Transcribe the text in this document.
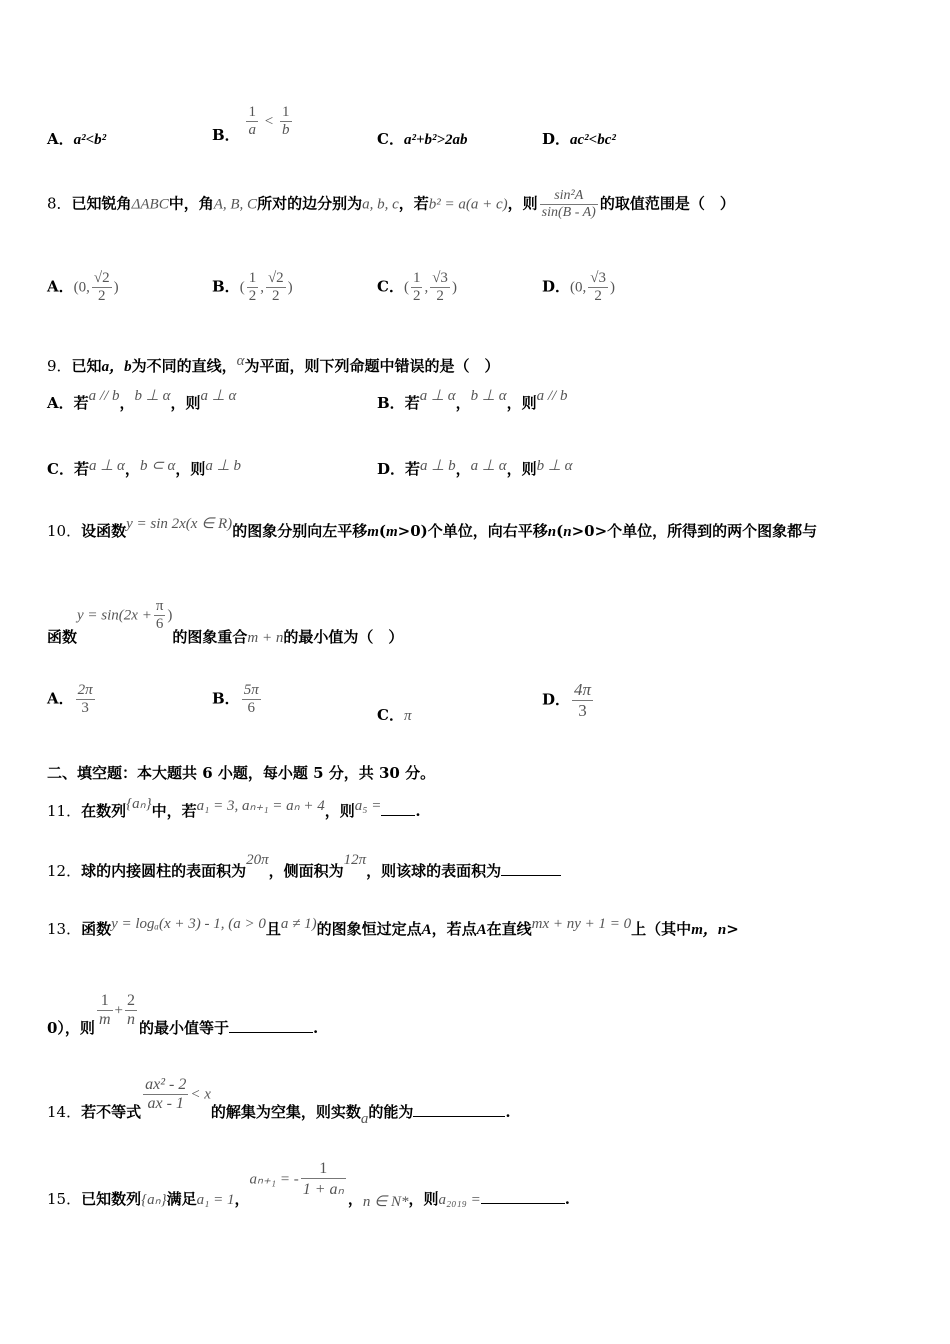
A．a²<b²	B． $\frac{1}{a} < \frac{1}{b}$	C．a²+b²>2ab	D．ac²<bc²
8．已知锐角ΔABC中，角A, B, C所对的边分别为a, b, c，若b² = a(a + c)，则 $\frac{\text{sin²A}}{\sin(B - A)}$ 的取值范围是（　）
A．(0, $\frac{√2}{2}$ )	B．( $\frac{1}{2}$ , $\frac{√2}{2}$ )	C．( $\frac{1}{2}$ , $\frac{√3}{2}$ )	D．(0, $\frac{√3}{2}$ )
9．已知a，b为不同的直线，α为平面，则下列命题中错误的是（　）
A．若a // b，b ⊥ α，则a ⊥ α	B．若a ⊥ α，b ⊥ α，则a // b
C．若a ⊥ α，b ⊂ α，则a ⊥ b	D．若a ⊥ b，a ⊥ α，则b ⊥ α
10．设函数y = sin 2x(x ∈ R)的图象分别向左平移m(m>0)个单位，向右平移n(n>0>个单位，所得到的两个图象都与
函数$y = \sin(2x + \frac{\pi}{6}$ )的图象重合m + n的最小值为（　）
A． $\frac{2\pi}{3}$	B． $\frac{5\pi}{6}$	C．π
D． $\frac{4\pi}{3}$
二、填空题：本大题共 6 小题，每小题 5 分，共 30 分。
11．在数列{aₙ}中，若a₁ = 3, aₙ₊₁ = aₙ + 4，则a₅ = .
12．球的内接圆柱的表面积为20π，侧面积为12π，则该球的表面积为
13．函数y = logₐ(x + 3) - 1, (a > 0且a ≠ 1)的图象恒过定点A，若点A在直线mx + ny + 1 = 0上（其中m，n>
0），则 $\frac{1}{m} + \frac{2}{n}$ 的最小值等于	.
14．若不等式 $\frac{\text{ax² - 2}}{ax - 1} < x$的解集为空集，则实数a的能为	.
15．已知数列{aₙ}满足a₁ = 1，aₙ₊₁ = - $\frac{1}{\text{1 + aₙ}}$ ，n ∈ N*，则a₂₀₁₉ =	.
